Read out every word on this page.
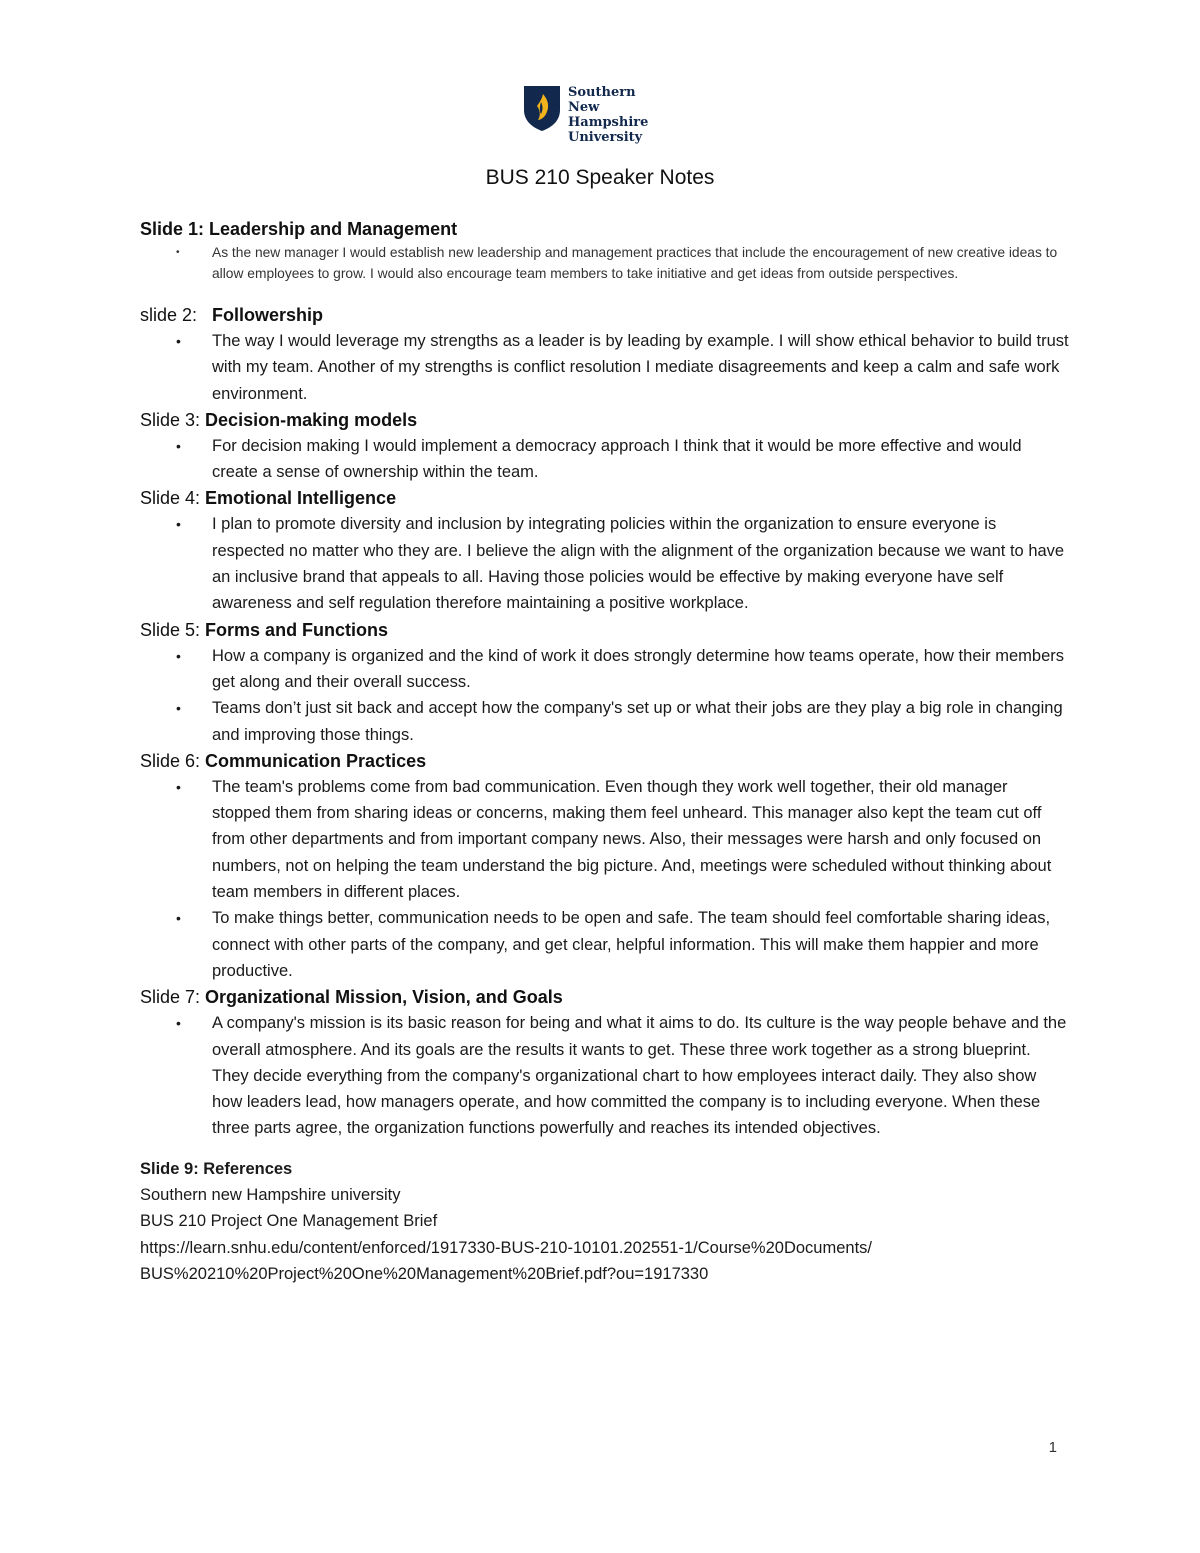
Southern
New Hampshire
University
BUS 210 Speaker Notes

Slide 1: Leadership and Management

• As the new manager I would establish new leadership and management practices that include the encouragement of new creative ideas to allow employees to grow. I would also encourage team members to take initiative and get ideas from outside perspectives.

slide 2:   Followership

• The way I would leverage my strengths as a leader is by leading by example. I will show ethical behavior to build trust with my team. Another of my strengths is conflict resolution I mediate disagreements and keep a calm and safe work environment.

Slide 3: Decision-making models

• For decision making I would implement a democracy approach I think that it would be more effective and would create a sense of ownership within the team.

Slide 4: Emotional Intelligence

• I plan to promote diversity and inclusion by integrating policies within the organization to ensure everyone is respected no matter who they are. I believe the align with the alignment of the organization because we want to have an inclusive brand that appeals to all. Having those policies would be effective by making everyone have self awareness and self regulation therefore maintaining a positive workplace.

Slide 5: Forms and Functions

• How a company is organized and the kind of work it does strongly determine how teams operate, how their members get along and their overall success.
• Teams don’t just sit back and accept how the company's set up or what their jobs are they play a big role in changing and improving those things.

Slide 6: Communication Practices

• The team's problems come from bad communication. Even though they work well together, their old manager stopped them from sharing ideas or concerns, making them feel unheard. This manager also kept the team cut off from other departments and from important company news. Also, their messages were harsh and only focused on numbers, not on helping the team understand the big picture. And, meetings were scheduled without thinking about team members in different places.
• To make things better, communication needs to be open and safe. The team should feel comfortable sharing ideas, connect with other parts of the company, and get clear, helpful information. This will make them happier and more productive.

Slide 7: Organizational Mission, Vision, and Goals

• A company's mission is its basic reason for being and what it aims to do. Its culture is the way people behave and the overall atmosphere. And its goals are the results it wants to get. These three work together as a strong blueprint. They decide everything from the company's organizational chart to how employees interact daily. They also show how leaders lead, how managers operate, and how committed the company is to including everyone. When these three parts agree, the organization functions powerfully and reaches its intended objectives.

Slide 9: References

Southern new Hampshire university

BUS 210 Project One Management Brief

https://learn.snhu.edu/content/enforced/1917330-BUS-210-10101.202551-1/Course%20Documents/

BUS%20210%20Project%20One%20Management%20Brief.pdf?ou=1917330

1
